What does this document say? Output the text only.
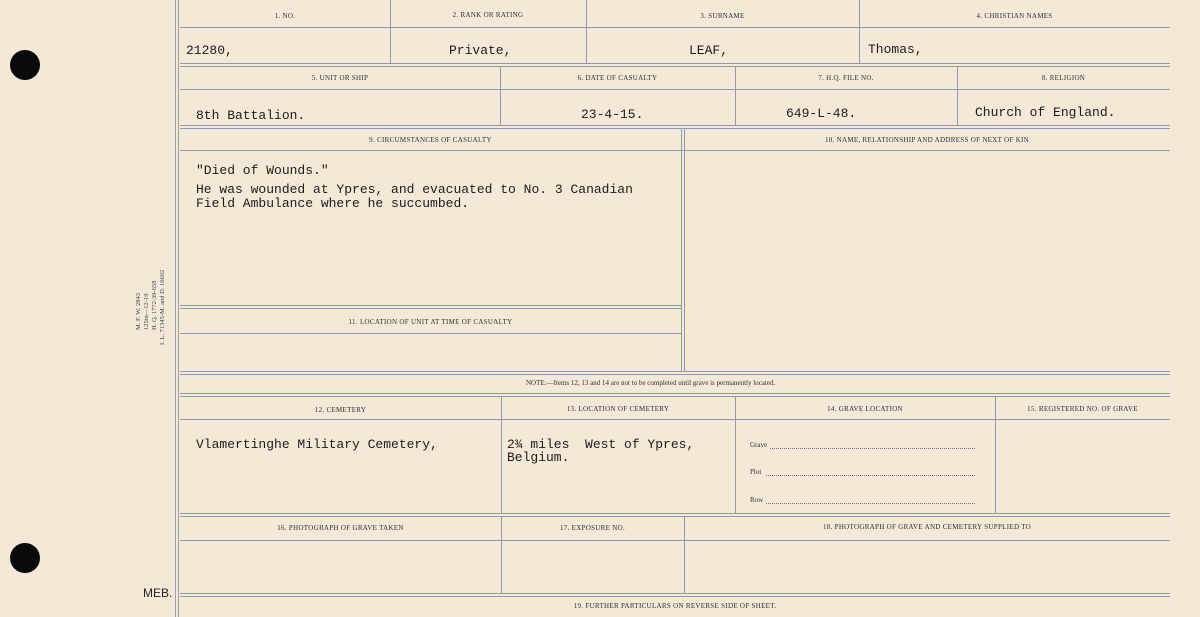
M. F. W. 2843 125m—12-19 H. Q. 1772-39-658 I. L. 71345-M. and D. 16602
MEB.
1. NO.	2. RANK OR RATING	3. SURNAME	4. CHRISTIAN NAMES
21280,	Private,	LEAF,	Thomas,
5. UNIT OR SHIP	6. DATE OF CASUALTY	7. H.Q. FILE NO.	8. RELIGION
8th Battalion.	23-4-15.	649-L-48.	Church of England.
9. CIRCUMSTANCES OF CASUALTY	10. NAME, RELATIONSHIP AND ADDRESS OF NEXT OF KIN
"Died of Wounds."
He was wounded at Ypres, and evacuated to No. 3 Canadian
Field Ambulance where he succumbed.
11. LOCATION OF UNIT AT TIME OF CASUALTY
NOTE:—Items 12, 13 and 14 are not to be completed until grave is permanently located.
12. CEMETERY	13. LOCATION OF CEMETERY	14. GRAVE LOCATION	15. REGISTERED NO. OF GRAVE
Vlamertinghe Military Cemetery,	2¾ miles  West of Ypres,
Belgium.
Grave
Plot
Row
16. PHOTOGRAPH OF GRAVE TAKEN	17. EXPOSURE NO.	18. PHOTOGRAPH OF GRAVE AND CEMETERY SUPPLIED TO
19. FURTHER PARTICULARS ON REVERSE SIDE OF SHEET.
